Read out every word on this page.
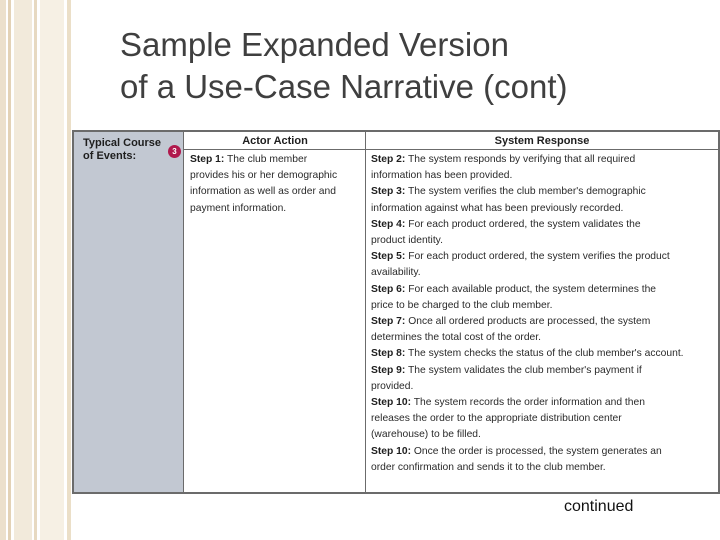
Sample Expanded Version
of a Use-Case Narrative (cont)
Typical Course
of Events:	3
Actor Action	System Response
Step 1: The club member
provides his or her demographic
information as well as order and
payment information.
Step 2: The system responds by verifying that all required
information has been provided.
Step 3: The system verifies the club member's demographic
information against what has been previously recorded.
Step 4: For each product ordered, the system validates the
product identity.
Step 5: For each product ordered, the system verifies the product
availability.
Step 6: For each available product, the system determines the
price to be charged to the club member.
Step 7: Once all ordered products are processed, the system
determines the total cost of the order.
Step 8: The system checks the status of the club member's account.
Step 9: The system validates the club member's payment if
provided.
Step 10: The system records the order information and then
releases the order to the appropriate distribution center
(warehouse) to be filled.
Step 10: Once the order is processed, the system generates an
order confirmation and sends it to the club member.
continued
